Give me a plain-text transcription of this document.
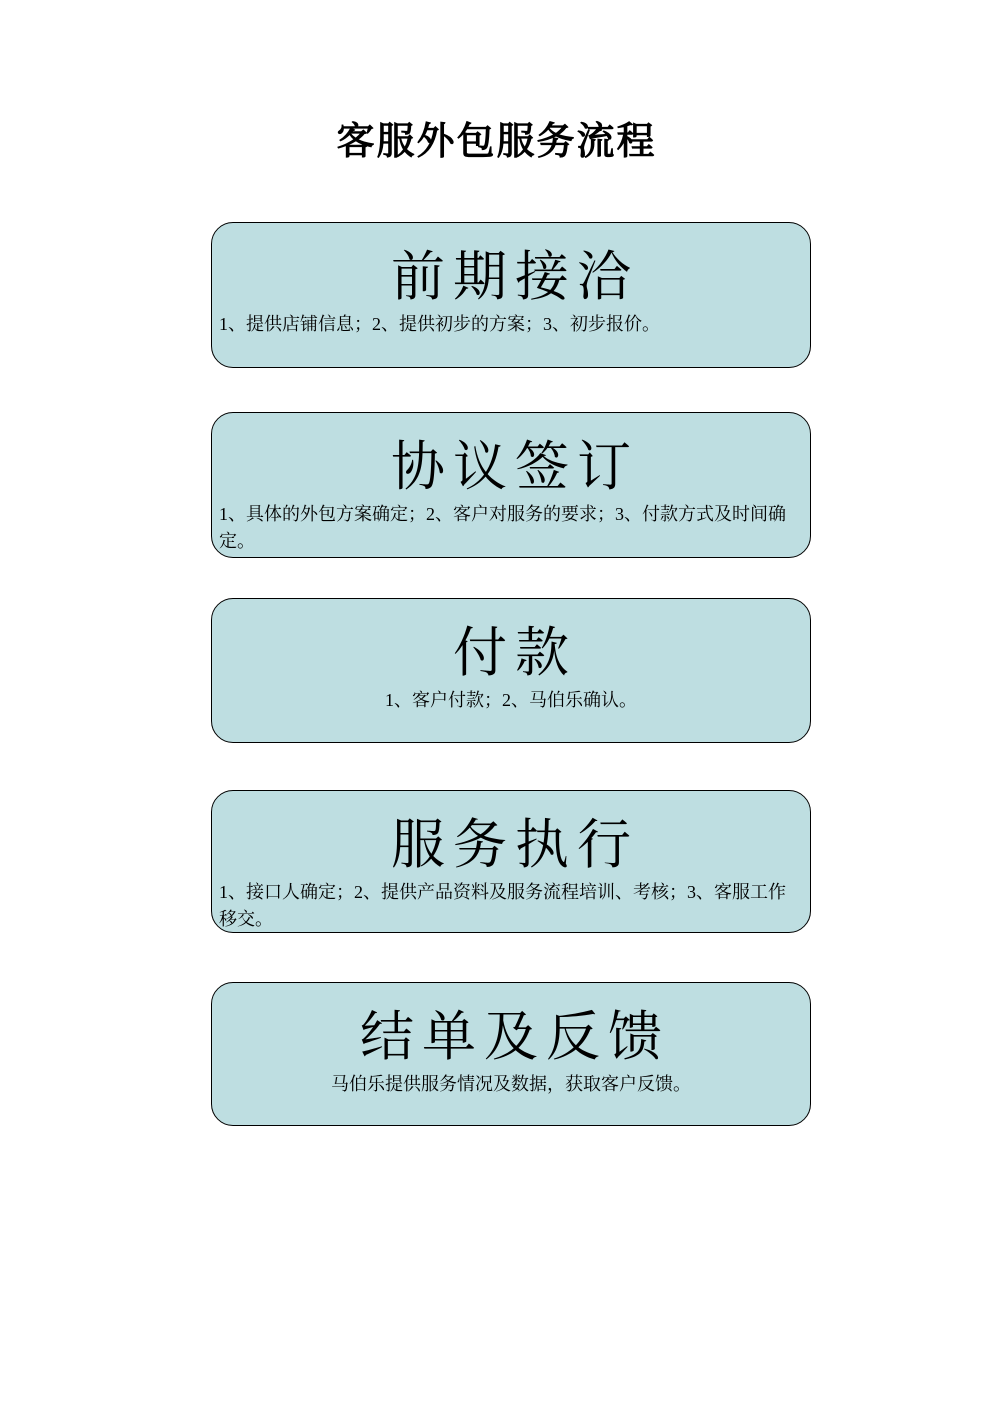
客服外包服务流程
前期接洽
1、提供店铺信息；2、提供初步的方案；3、初步报价。
协议签订
1、具体的外包方案确定；2、客户对服务的要求；3、付款方式及时间确定。
付款
1、客户付款；2、马伯乐确认。
服务执行
1、接口人确定；2、提供产品资料及服务流程培训、考核；3、客服工作移交。
结单及反馈
马伯乐提供服务情况及数据，获取客户反馈。
